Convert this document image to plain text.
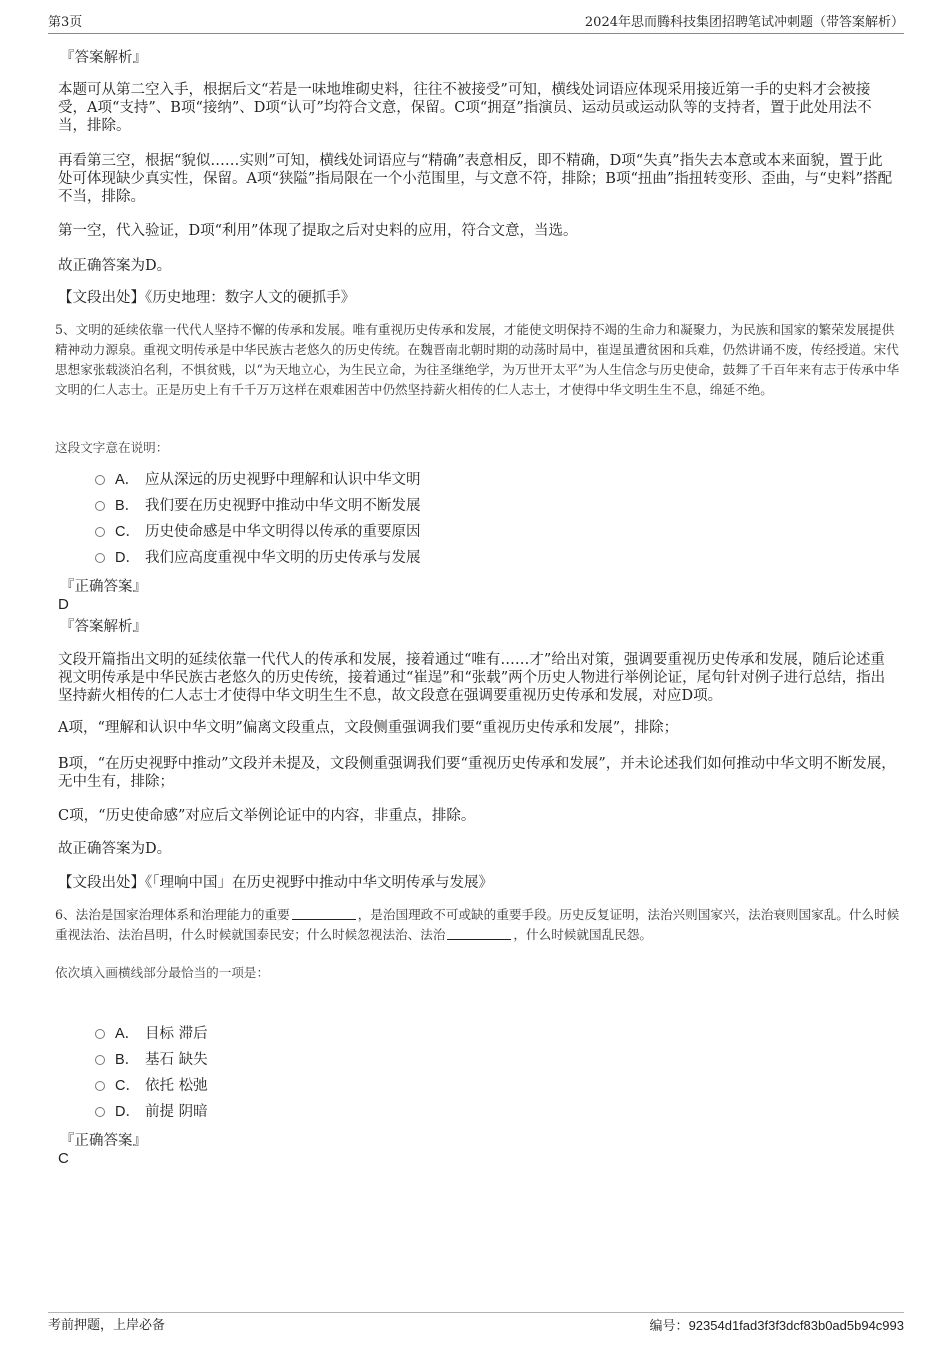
第3页	2024年思而腾科技集团招聘笔试冲刺题（带答案解析）
『答案解析』

本题可从第二空入手，根据后文“若是一味地堆砌史料，往往不被接受”可知，横线处词语应体现采用接近第一手的史料才会被接受，A项“支持”、B项“接纳”、D项“认可”均符合文意，保留。C项“拥趸”指演员、运动员或运动队等的支持者，置于此处用法不当，排除。

再看第三空，根据“貌似……实则”可知，横线处词语应与“精确”表意相反，即不精确，D项“失真”指失去本意或本来面貌，置于此处可体现缺少真实性，保留。A项“狭隘”指局限在一个小范围里，与文意不符，排除；B项“扭曲”指扭转变形、歪曲，与“史料”搭配不当，排除。

第一空，代入验证，D项“利用”体现了提取之后对史料的应用，符合文意，当选。

故正确答案为D。

【文段出处】《历史地理：数字人文的硬抓手》

5、文明的延续依靠一代代人坚持不懈的传承和发展。唯有重视历史传承和发展，才能使文明保持不竭的生命力和凝聚力，为民族和国家的繁荣发展提供精神动力源泉。重视文明传承是中华民族古老悠久的历史传统。在魏晋南北朝时期的动荡时局中，崔逞虽遭贫困和兵难，仍然讲诵不废，传经授道。宋代思想家张载淡泊名利，不惧贫贱，以“为天地立心，为生民立命，为往圣继绝学，为万世开太平”为人生信念与历史使命，鼓舞了千百年来有志于传承中华文明的仁人志士。正是历史上有千千万万这样在艰难困苦中仍然坚持薪火相传的仁人志士，才使得中华文明生生不息，绵延不绝。

这段文字意在说明：
A． 应从深远的历史视野中理解和认识中华文明
B． 我们要在历史视野中推动中华文明不断发展
C． 历史使命感是中华文明得以传承的重要原因
D． 我们应高度重视中华文明的历史传承与发展
『正确答案』
D
『答案解析』

文段开篇指出文明的延续依靠一代代人的传承和发展，接着通过“唯有……才”给出对策，强调要重视历史传承和发展，随后论述重视文明传承是中华民族古老悠久的历史传统，接着通过“崔逞”和“张载”两个历史人物进行举例论证，尾句针对例子进行总结，指出坚持薪火相传的仁人志士才使得中华文明生生不息，故文段意在强调要重视历史传承和发展，对应D项。

A项，“理解和认识中华文明”偏离文段重点，文段侧重强调我们要“重视历史传承和发展”，排除；

B项，“在历史视野中推动”文段并未提及，文段侧重强调我们要“重视历史传承和发展”，并未论述我们如何推动中华文明不断发展，无中生有，排除；

C项，“历史使命感”对应后文举例论证中的内容，非重点，排除。

故正确答案为D。

【文段出处】《「理响中国」在历史视野中推动中华文明传承与发展》

6、法治是国家治理体系和治理能力的重要	，是治国理政不可或缺的重要手段。历史反复证明，法治兴则国家兴，法治衰则国家乱。什么时候重视法治、法治昌明，什么时候就国泰民安；什么时候忽视法治、法治	，什么时候就国乱民怨。

依次填入画横线部分最恰当的一项是：
A． 目标 滞后
B． 基石 缺失
C． 依托 松弛
D． 前提 阴暗
『正确答案』
C
考前押题，上岸必备	编号：92354d1fad3f3f3dcf83b0ad5b94c993
